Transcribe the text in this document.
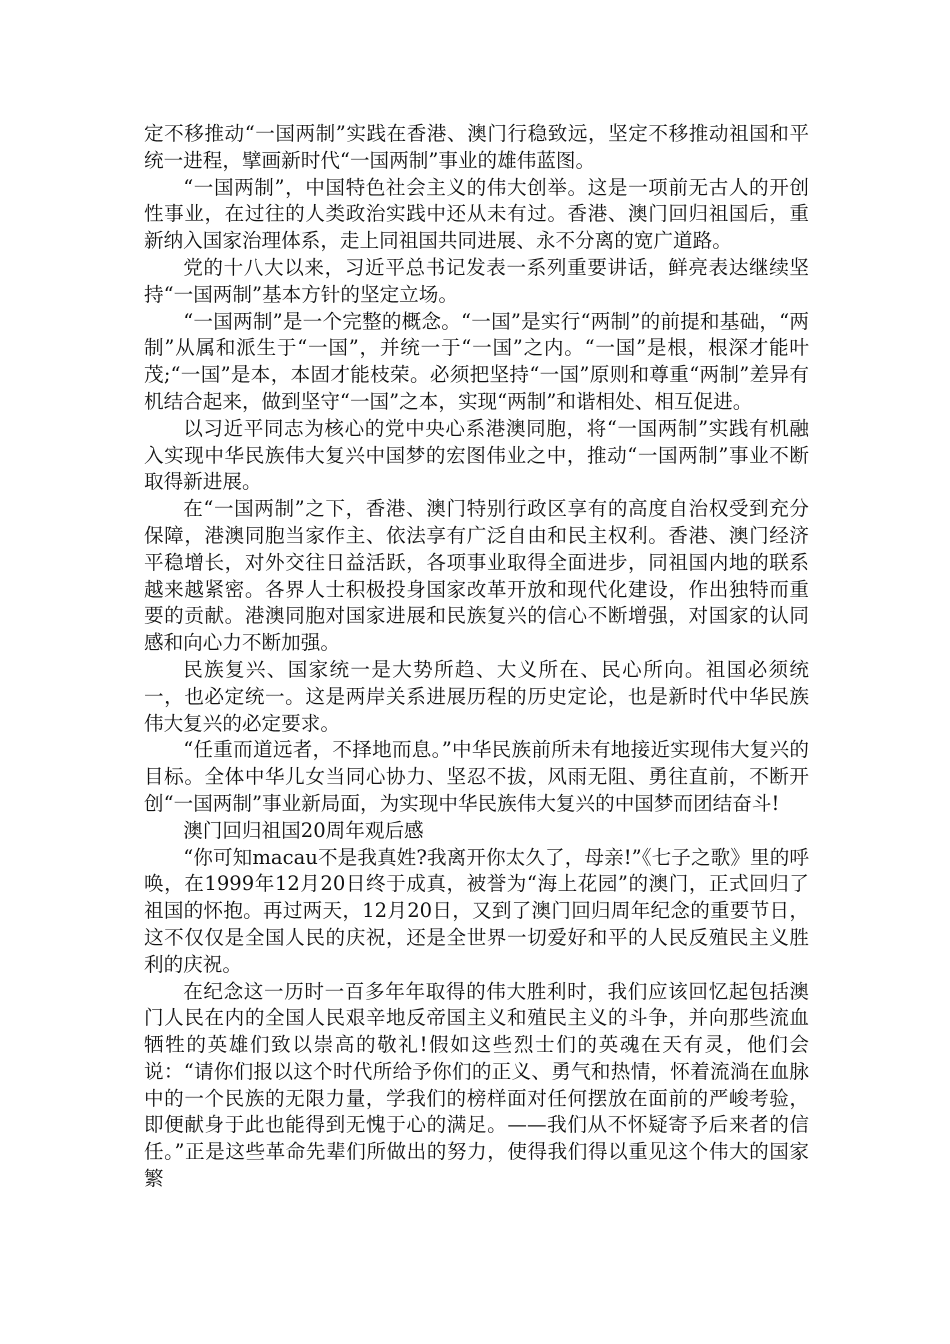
定不移推动“一国两制”实践在香港、澳门行稳致远，坚定不移推动祖国和平统一进程，擘画新时代“一国两制”事业的雄伟蓝图。

“一国两制”，中国特色社会主义的伟大创举。这是一项前无古人的开创性事业，在过往的人类政治实践中还从未有过。香港、澳门回归祖国后，重新纳入国家治理体系，走上同祖国共同进展、永不分离的宽广道路。

党的十八大以来，习近平总书记发表一系列重要讲话，鲜亮表达继续坚持“一国两制”基本方针的坚定立场。

“一国两制”是一个完整的概念。“一国”是实行“两制”的前提和基础，“两制”从属和派生于“一国”，并统一于“一国”之内。“一国”是根，根深才能叶茂;“一国”是本，本固才能枝荣。必须把坚持“一国”原则和尊重“两制”差异有机结合起来，做到坚守“一国”之本，实现“两制”和谐相处、相互促进。

以习近平同志为核心的党中央心系港澳同胞，将“一国两制”实践有机融入实现中华民族伟大复兴中国梦的宏图伟业之中，推动“一国两制”事业不断取得新进展。

在“一国两制”之下，香港、澳门特别行政区享有的高度自治权受到充分保障，港澳同胞当家作主、依法享有广泛自由和民主权利。香港、澳门经济平稳增长，对外交往日益活跃，各项事业取得全面进步，同祖国内地的联系越来越紧密。各界人士积极投身国家改革开放和现代化建设，作出独特而重要的贡献。港澳同胞对国家进展和民族复兴的信心不断增强，对国家的认同感和向心力不断加强。

民族复兴、国家统一是大势所趋、大义所在、民心所向。祖国必须统一，也必定统一。这是两岸关系进展历程的历史定论，也是新时代中华民族伟大复兴的必定要求。

“任重而道远者，不择地而息。”中华民族前所未有地接近实现伟大复兴的目标。全体中华儿女当同心协力、坚忍不拔，风雨无阻、勇往直前，不断开创“一国两制”事业新局面，为实现中华民族伟大复兴的中国梦而团结奋斗!

澳门回归祖国20周年观后感

“你可知macau不是我真姓?我离开你太久了，母亲!”《七子之歌》里的呼唤，在1999年12月20日终于成真，被誉为“海上花园”的澳门，正式回归了祖国的怀抱。再过两天，12月20日，又到了澳门回归周年纪念的重要节日，这不仅仅是全国人民的庆祝，还是全世界一切爱好和平的人民反殖民主义胜利的庆祝。

在纪念这一历时一百多年年取得的伟大胜利时，我们应该回忆起包括澳门人民在内的全国人民艰辛地反帝国主义和殖民主义的斗争，并向那些流血牺牲的英雄们致以崇高的敬礼!假如这些烈士们的英魂在天有灵，他们会说：“请你们报以这个时代所给予你们的正义、勇气和热情，怀着流淌在血脉中的一个民族的无限力量，学我们的榜样面对任何摆放在面前的严峻考验，即便献身于此也能得到无愧于心的满足。——我们从不怀疑寄予后来者的信任。”正是这些革命先辈们所做出的努力，使得我们得以重见这个伟大的国家繁
